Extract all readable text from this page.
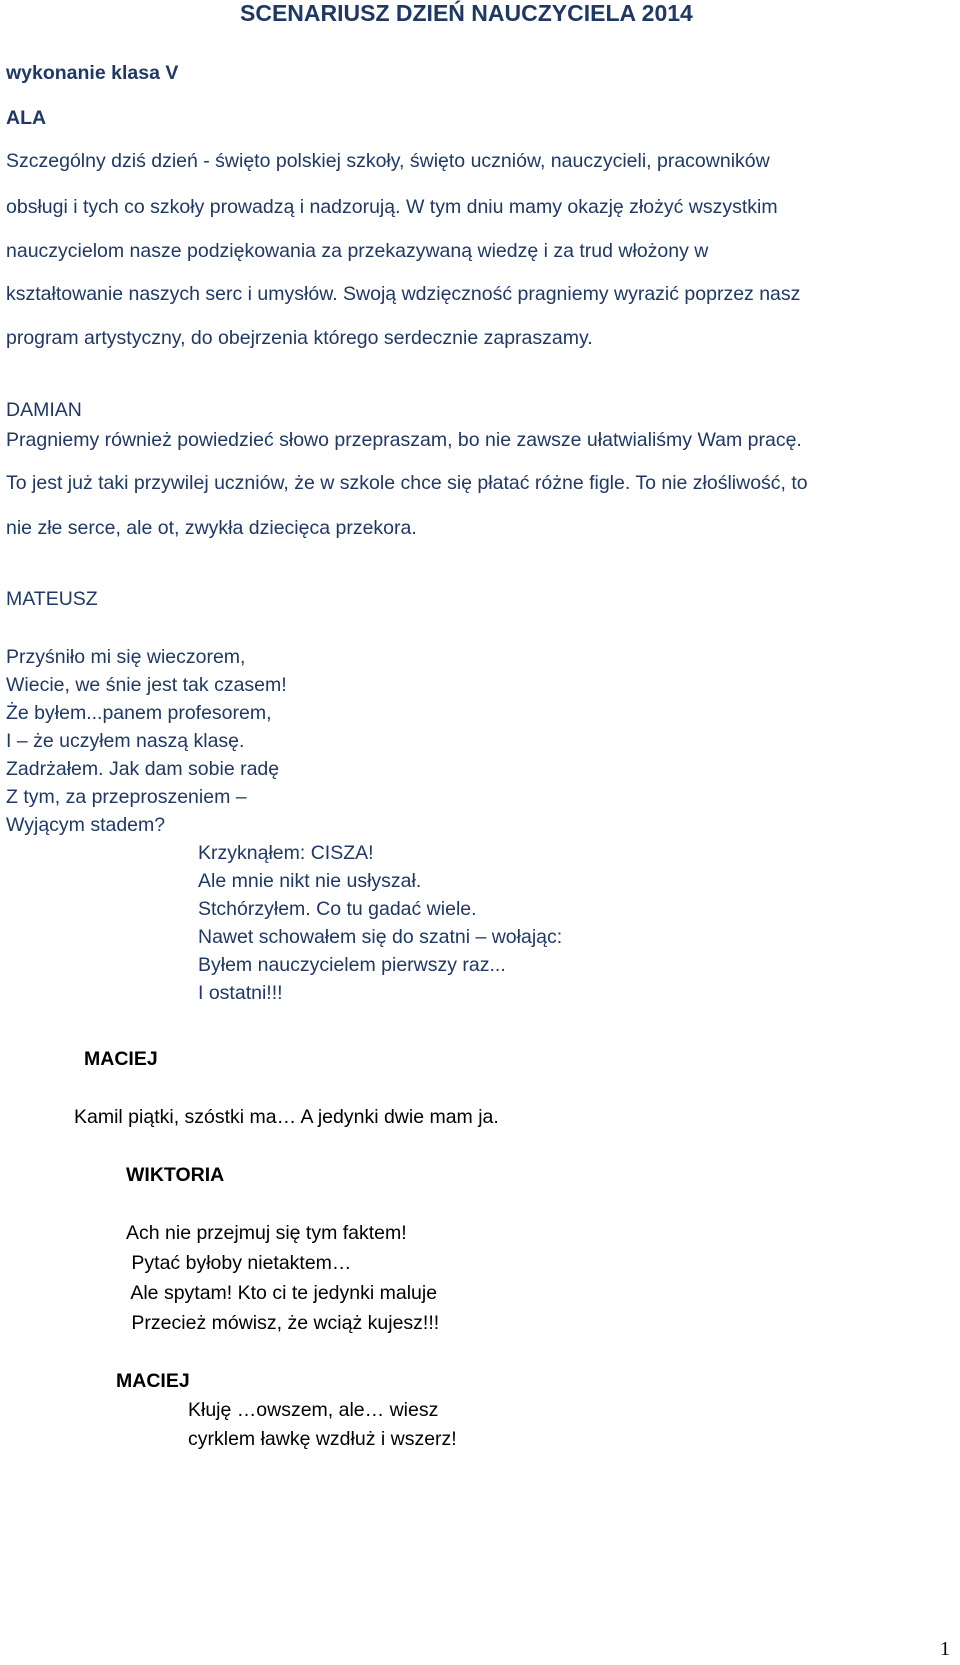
SCENARIUSZ DZIEŃ NAUCZYCIELA 2014
wykonanie klasa V
ALA
Szczególny dziś dzień - święto polskiej szkoły, święto uczniów, nauczycieli, pracowników
obsługi i tych co szkoły prowadzą i nadzorują. W tym dniu mamy okazję złożyć wszystkim
nauczycielom nasze podziękowania za przekazywaną wiedzę i za trud włożony w
kształtowanie naszych serc i umysłów. Swoją wdzięczność pragniemy wyrazić poprzez nasz
program artystyczny, do obejrzenia którego serdecznie zapraszamy.
DAMIAN
Pragniemy również powiedzieć słowo przepraszam, bo nie zawsze ułatwialiśmy Wam pracę.
To jest już taki przywilej uczniów, że w szkole chce się płatać różne figle. To nie złośliwość, to
nie złe serce, ale ot, zwykła dziecięca przekora.
MATEUSZ
Przyśniło mi się wieczorem,
Wiecie, we śnie jest tak czasem!
Że byłem...panem profesorem,
I – że uczyłem naszą klasę.
Zadrżałem. Jak dam sobie radę
Z tym, za przeproszeniem –
Wyjącym stadem?
Krzyknąłem: CISZA!
Ale mnie nikt nie usłyszał.
Stchórzyłem. Co tu gadać wiele.
Nawet schowałem się do szatni – wołając:
Byłem nauczycielem pierwszy raz...
I ostatni!!!
MACIEJ
Kamil piątki, szóstki ma… A jedynki dwie mam ja.
WIKTORIA
Ach nie przejmuj się tym faktem!
Pytać byłoby nietaktem…
Ale spytam! Kto ci te jedynki maluje
Przecież mówisz, że wciąż kujesz!!!
MACIEJ
Kłuję …owszem, ale… wiesz
cyrklem ławkę wzdłuż i wszerz!
1
